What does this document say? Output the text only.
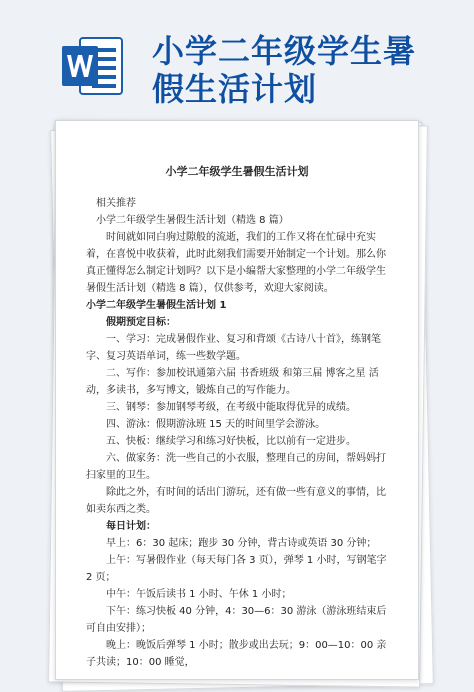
小学二年级学生暑
假生活计划
小学二年级学生暑假生活计划

相关推荐

小学二年级学生暑假生活计划（精选 8 篇）

时间就如同白驹过隙般的流逝，我们的工作又将在忙碌中充实着，在喜悦中收获着，此时此刻我们需要开始制定一个计划。那么你真正懂得怎么制定计划吗？以下是小编帮大家整理的小学二年级学生暑假生活计划（精选 8 篇），仅供参考，欢迎大家阅读。

小学二年级学生暑假生活计划 1

假期预定目标：

一、学习：完成暑假作业、复习和背颂《古诗八十首》，练钢笔字、复习英语单词，练一些数学题。

二、写作：参加校讯通第六届 书香班级 和第三届 博客之星 活动，多读书，多写博文，锻炼自己的写作能力。

三、钢琴：参加钢琴考级，在考级中能取得优异的成绩。

四、游泳：假期游泳班 15 天的时间里学会游泳。

五、快板：继续学习和练习好快板，比以前有一定进步。

六、做家务：洗一些自己的小衣服，整理自己的房间，帮妈妈打扫家里的卫生。

除此之外，有时间的话出门游玩，还有做一些有意义的事情，比如卖东西之类。

每日计划：

早上：6：30 起床；跑步 30 分钟，背古诗或英语 30 分钟；

上午：写暑假作业（每天每门各 3 页），弹琴 1 小时，写钢笔字 2 页；

中午：午饭后读书 1 小时、午休 1 小时；

下午：练习快板 40 分钟，4：30—6：30 游泳（游泳班结束后可自由安排）；

晚上：晚饭后弹琴 1 小时；散步或出去玩；9：00—10：00 亲子共读；10：00 睡觉，
